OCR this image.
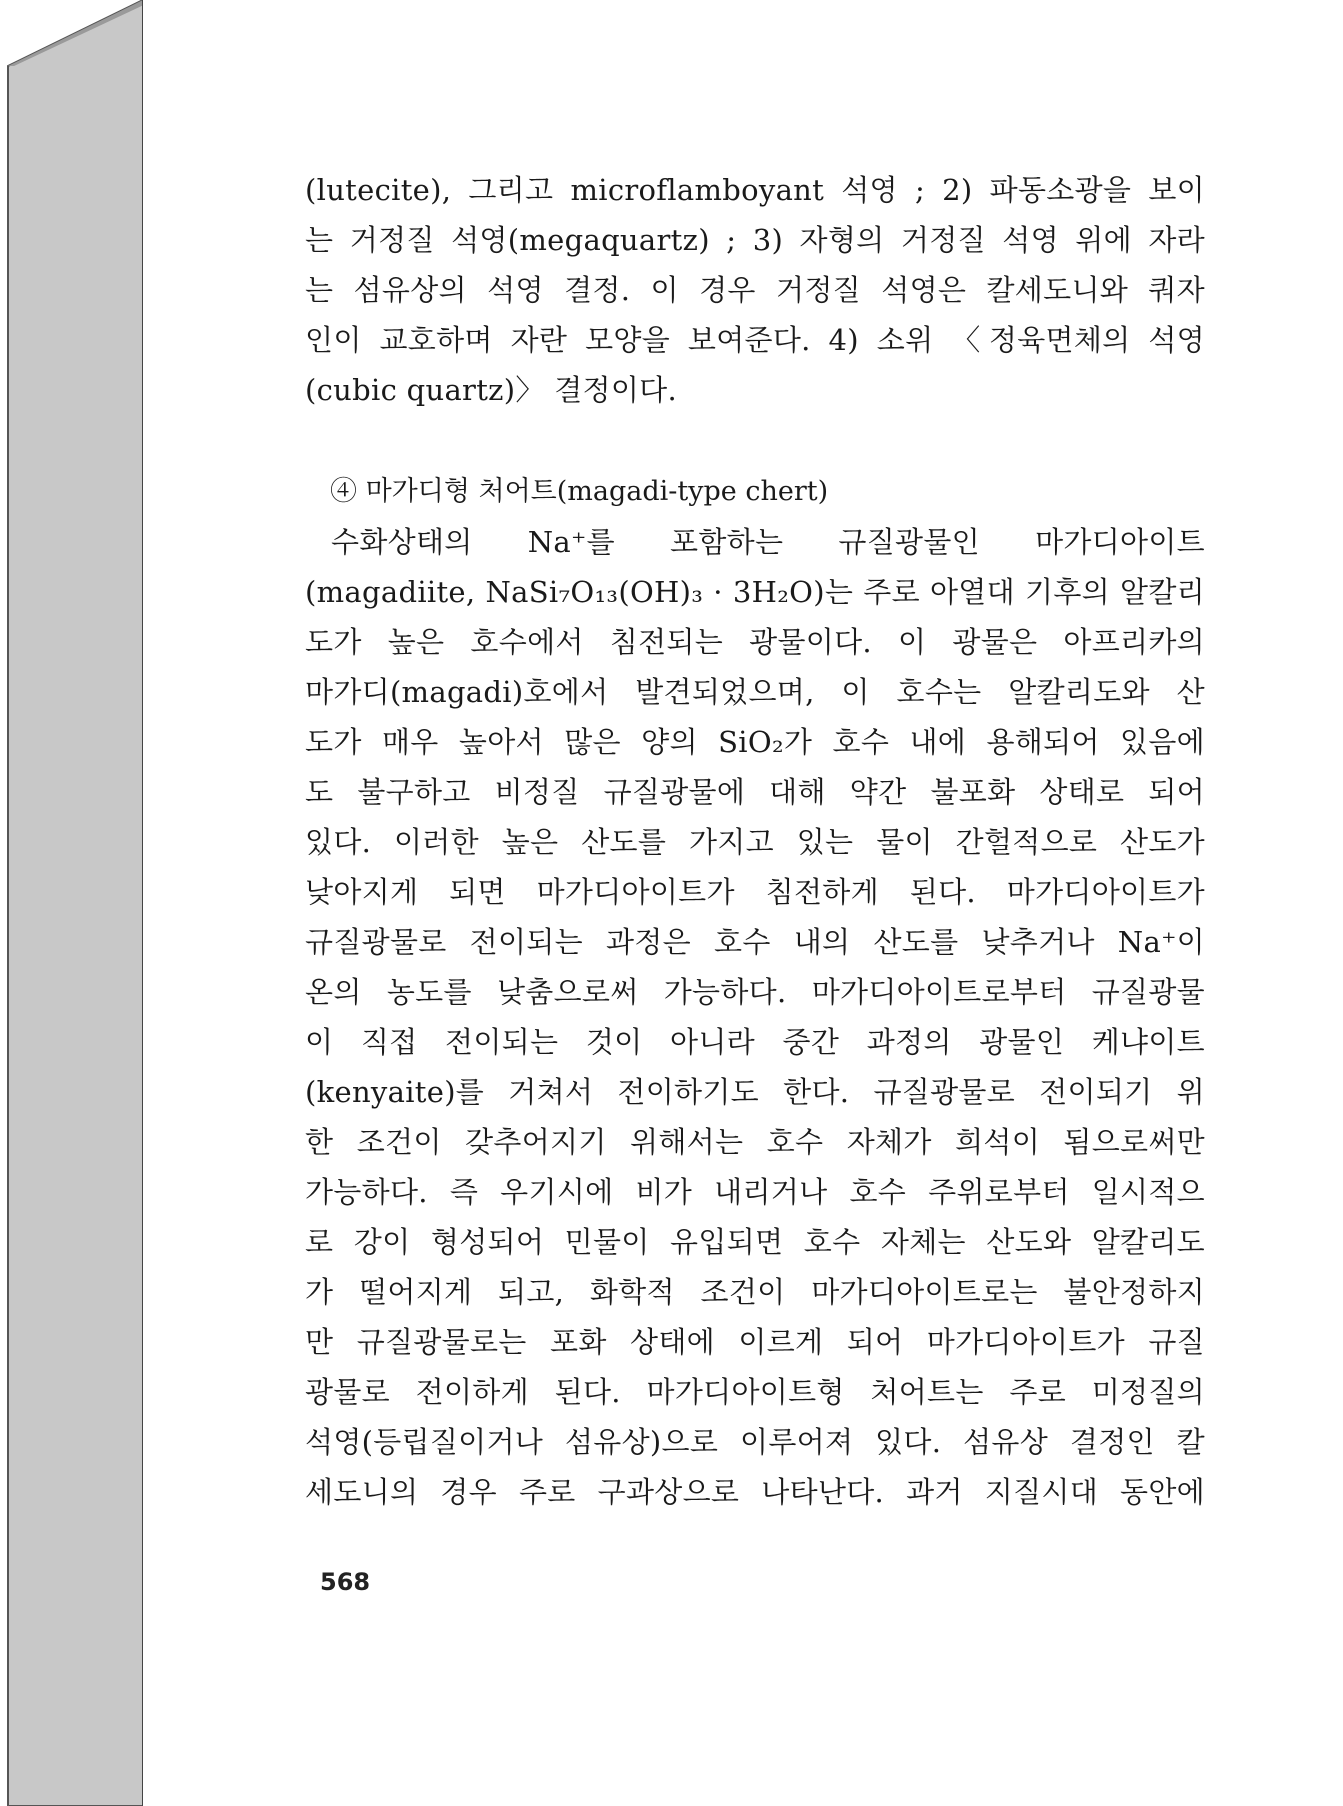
(lutecite), 그리고 microflamboyant 석영 ; 2) 파동소광을 보이
는 거정질 석영(megaquartz) ; 3) 자형의 거정질 석영 위에 자라
는 섬유상의 석영 결정. 이 경우 거정질 석영은 칼세도니와 쿼자
인이 교호하며 자란 모양을 보여준다. 4) 소위 〈정육면체의 석영
(cubic quartz)〉 결정이다.
④ 마가디형 처어트(magadi-type chert)
수화상태의 Na⁺를 포함하는 규질광물인 마가디아이트
(magadiite, NaSi₇O₁₃(OH)₃ · 3H₂O)는 주로 아열대 기후의 알칼리
도가 높은 호수에서 침전되는 광물이다. 이 광물은 아프리카의
마가디(magadi)호에서 발견되었으며, 이 호수는 알칼리도와 산
도가 매우 높아서 많은 양의 SiO₂가 호수 내에 용해되어 있음에
도 불구하고 비정질 규질광물에 대해 약간 불포화 상태로 되어
있다. 이러한 높은 산도를 가지고 있는 물이 간헐적으로 산도가
낮아지게 되면 마가디아이트가 침전하게 된다. 마가디아이트가
규질광물로 전이되는 과정은 호수 내의 산도를 낮추거나 Na⁺이
온의 농도를 낮춤으로써 가능하다. 마가디아이트로부터 규질광물
이 직접 전이되는 것이 아니라 중간 과정의 광물인 케냐이트
(kenyaite)를 거쳐서 전이하기도 한다. 규질광물로 전이되기 위
한 조건이 갖추어지기 위해서는 호수 자체가 희석이 됨으로써만
가능하다. 즉 우기시에 비가 내리거나 호수 주위로부터 일시적으
로 강이 형성되어 민물이 유입되면 호수 자체는 산도와 알칼리도
가 떨어지게 되고, 화학적 조건이 마가디아이트로는 불안정하지
만 규질광물로는 포화 상태에 이르게 되어 마가디아이트가 규질
광물로 전이하게 된다. 마가디아이트형 처어트는 주로 미정질의
석영(등립질이거나 섬유상)으로 이루어져 있다. 섬유상 결정인 칼
세도니의 경우 주로 구과상으로 나타난다. 과거 지질시대 동안에
568
